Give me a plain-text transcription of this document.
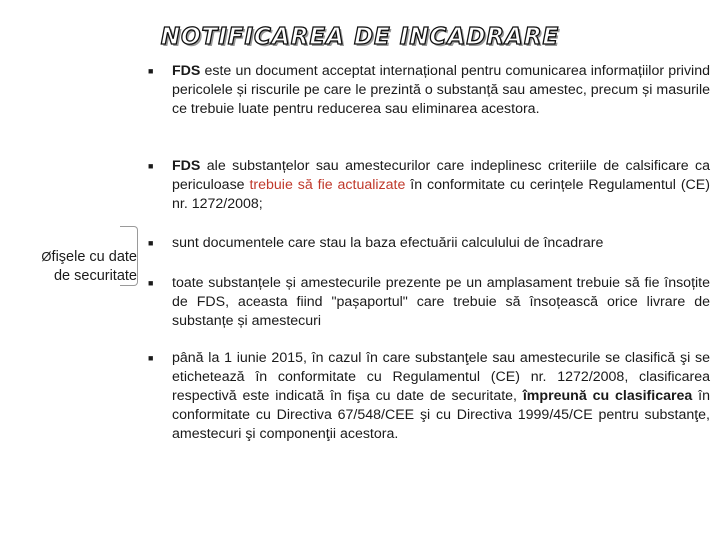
NOTIFICAREA DE INCADRARE
Øfişele cu date
de securitate
■	FDS este un document acceptat internațional pentru comunicarea informațiilor privind pericolele și riscurile pe care le prezintă o substanță sau amestec, precum și masurile ce trebuie luate pentru reducerea sau eliminarea acestora.
■	FDS ale substanțelor sau amestecurilor care indeplinesc criteriile de calsificare ca periculoase trebuie să fie actualizate în conformitate cu cerințele Regulamentul (CE) nr. 1272/2008;
■	sunt documentele care stau la baza efectuării calculului de încadrare
■	toate substanțele și amestecurile prezente pe un amplasament trebuie să fie însoțite de FDS, aceasta fiind "pașaportul" care trebuie să însoțească orice livrare de substanțe și amestecuri
■	până la 1 iunie 2015, în cazul în care substanţele sau amestecurile se clasifică şi se etichetează în conformitate cu Regulamentul (CE) nr. 1272/2008, clasificarea respectivă este indicată în fişa cu date de securitate, împreună cu clasificarea în conformitate cu Directiva 67/548/CEE şi cu Directiva 1999/45/CE pentru substanţe, amestecuri şi componenţii acestora.
